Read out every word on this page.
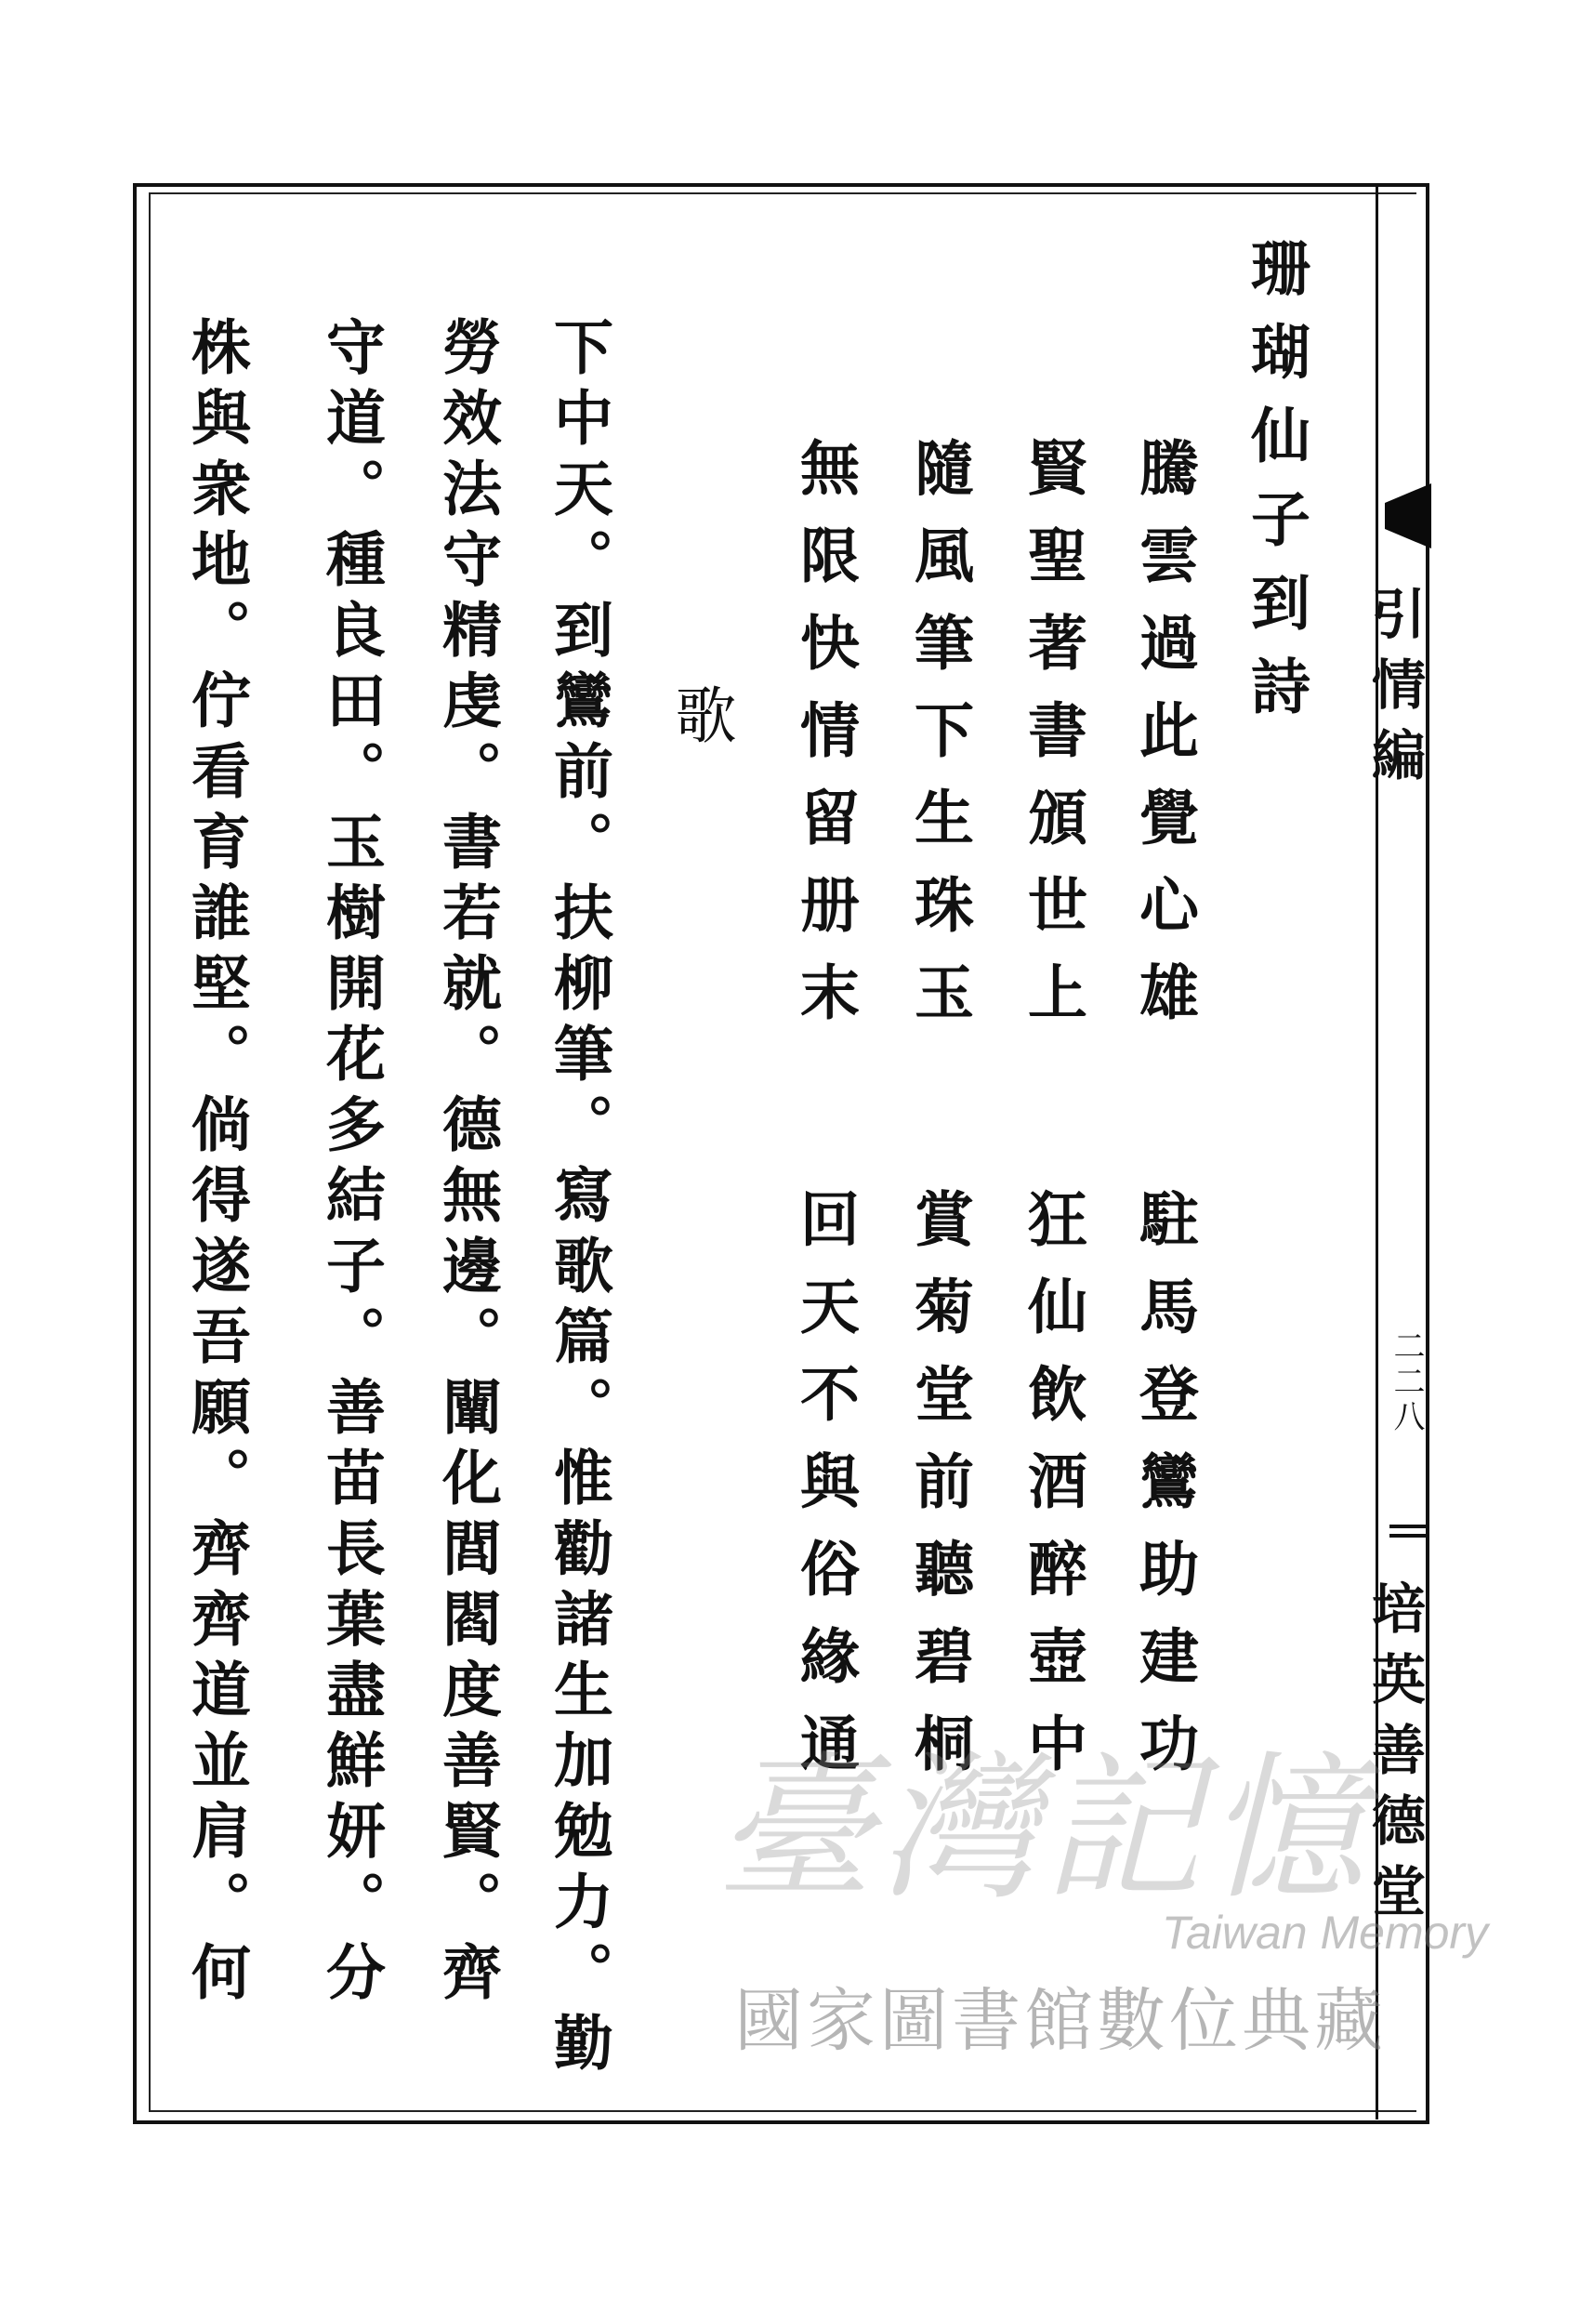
引情編
二二八
培英善德堂
珊瑚仙子到詩
騰雲過此覺心雄駐馬登鸞助建功
賢聖著書頒世上狂仙飲酒醉壺中
隨風筆下生珠玉賞菊堂前聽碧桐
無限快情留册末回天不與俗緣通
歌
下中天。到鸞前。扶柳筆。寫歌篇。惟勸諸生加勉力。勤
勞效法守精虔。書若就。德無邊。闡化閭閻度善賢。齊
守道。種良田。玉樹開花多結子。善苗長葉盡鮮妍。分
株與衆地。佇看育誰堅。倘得遂吾願。齊齊道並肩。何	臺灣記憶
Taiwan Memory
國家圖書館數位典藏
